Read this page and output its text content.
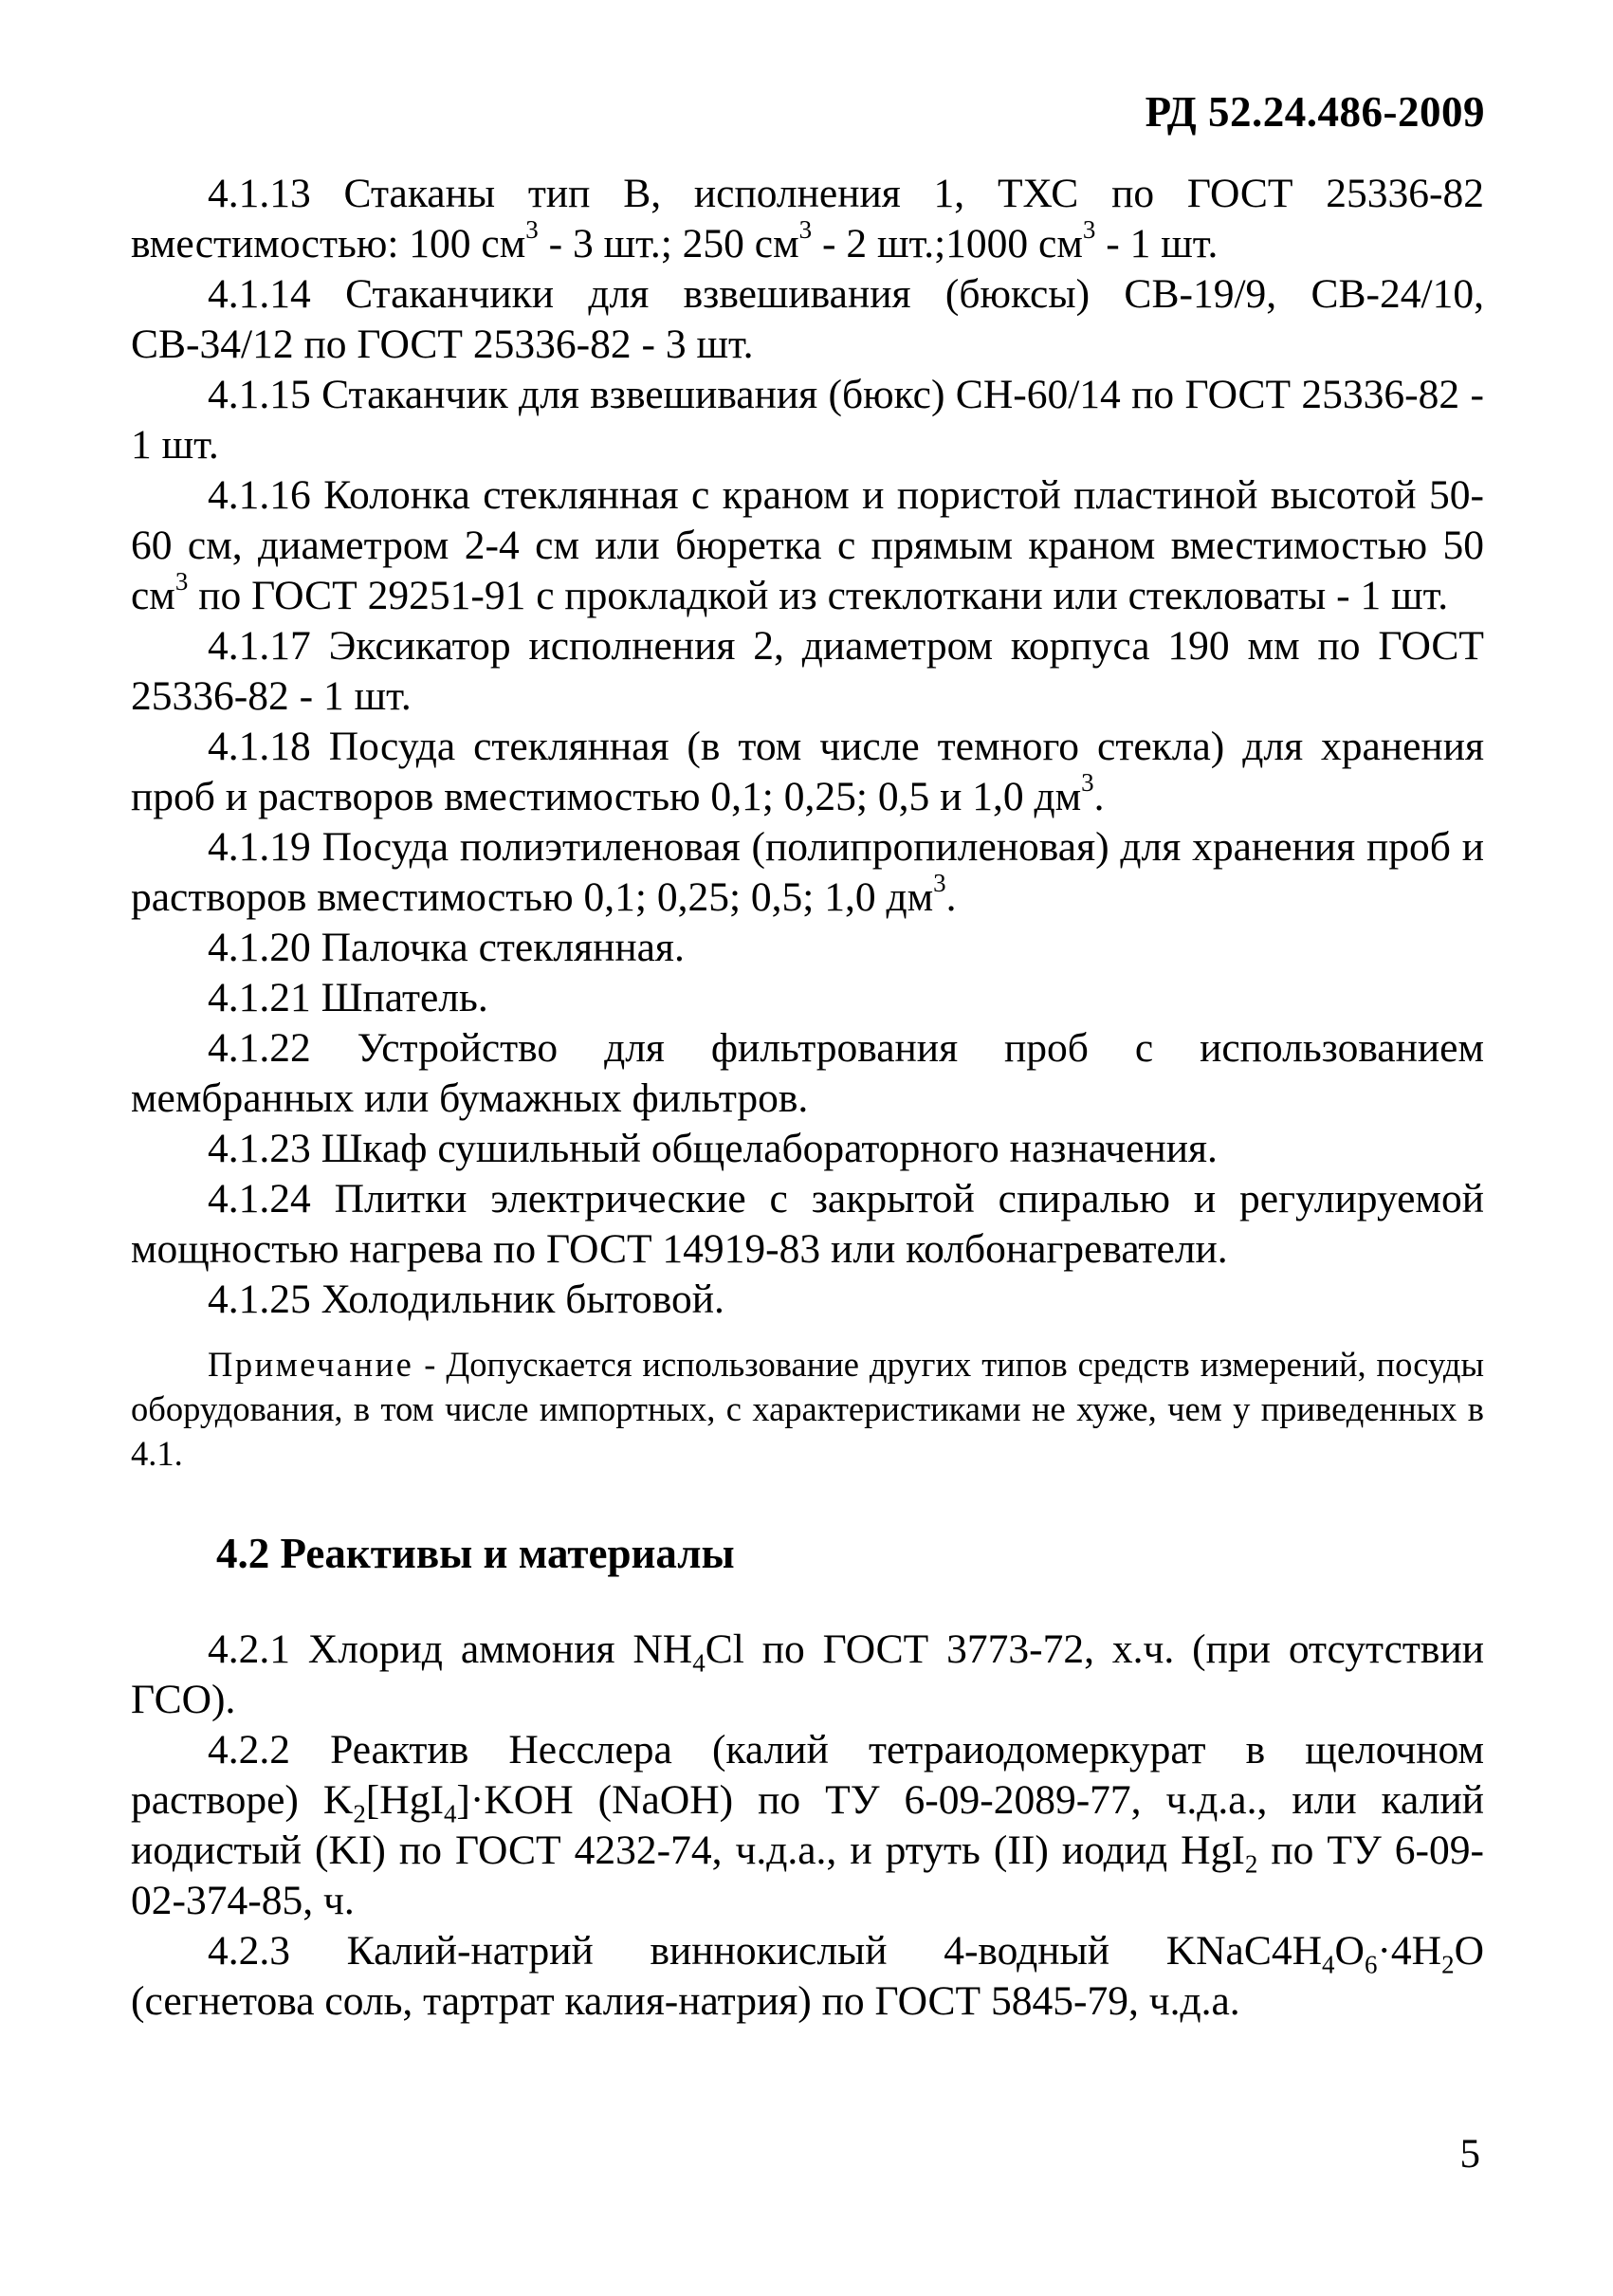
РД 52.24.486-2009

4.1.13 Стаканы тип В, исполнения 1, ТХС по ГОСТ 25336-82 вместимостью: 100 $см^3 - 3$ шт.; 250 $см^3 - 2$ шт.;1000 $см^3 - 1$ шт.

4.1.14 Стаканчики для взвешивания (бюксы) СВ-19/9, СВ-24/10, СВ-34/12 по ГОСТ 25336-82 - 3 шт.

4.1.15 Стаканчик для взвешивания (бюкс) СН-60/14 по ГОСТ 25336-82 - 1 шт.

4.1.16 Колонка стеклянная с краном и пористой пластиной высотой 50-60 см, диаметром 2-4 см или бюретка с прямым краном вместимостью 50 $см^3$ по ГОСТ 29251-91 с прокладкой из стеклоткани или стекловаты - 1 шт.

4.1.17 Эксикатор исполнения 2, диаметром корпуса 190 мм по ГОСТ 25336-82 - 1 шт.

4.1.18 Посуда стеклянная (в том числе темного стекла) для хранения проб и растворов вместимостью 0,1; 0,25; 0,5 и 1,0 $дм^3$.

4.1.19 Посуда полиэтиленовая (полипропиленовая) для хранения проб и растворов вместимостью 0,1; 0,25; 0,5; 1,0 $дм^3$.

4.1.20 Палочка стеклянная.

4.1.21 Шпатель.

4.1.22 Устройство для фильтрования проб с использованием мембранных или бумажных фильтров.

4.1.23 Шкаф сушильный общелабораторного назначения.

4.1.24 Плитки электрические с закрытой спиралью и регулируемой мощностью нагрева по ГОСТ 14919-83 или колбонагреватели.

4.1.25 Холодильник бытовой.

Примечание - Допускается использование других типов средств измерений, посуды оборудования, в том числе импортных, с характеристиками не хуже, чем у приведенных в 4.1.

4.2 Реактивы и материалы

4.2.1 Хлорид аммония $NH_4Cl$ по ГОСТ 3773-72, х.ч. (при отсутствии ГСО).

4.2.2 Реактив Несслера (калий тетраиодомеркурат в щелочном растворе) $K_2[HgI_4]\cdot KOH$ (NaOH) по ТУ 6-09-2089-77, ч.д.а., или калий иодистый (KI) по ГОСТ 4232-74, ч.д.а., и ртуть (II) иодид HgI$_2$ по ТУ 6-09-02-374-85, ч.

4.2.3 Калий-натрий виннокислый 4-водный $KNaC4H_4O_6\cdot 4H_2O$ (сегнетова соль, тартрат калия-натрия) по ГОСТ 5845-79, ч.д.а.

5
